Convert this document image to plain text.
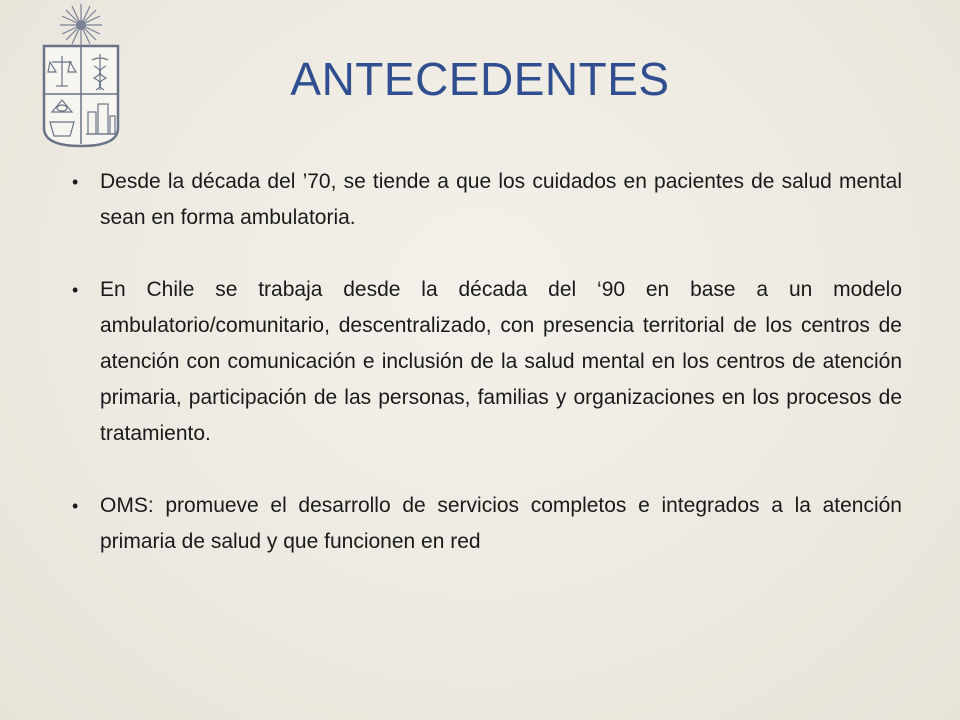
ANTECEDENTES
• Desde la década del ’70, se tiende a que los cuidados en pacientes de salud mental sean en forma ambulatoria.
• En Chile se trabaja desde la década del ‘90 en base a un modelo ambulatorio/comunitario, descentralizado, con presencia territorial de los centros de atención con comunicación e inclusión de la salud mental en los centros de atención primaria, participación de las personas, familias y organizaciones en los procesos de tratamiento.
• OMS: promueve el desarrollo de servicios completos e integrados a la atención primaria de salud y que funcionen en red
